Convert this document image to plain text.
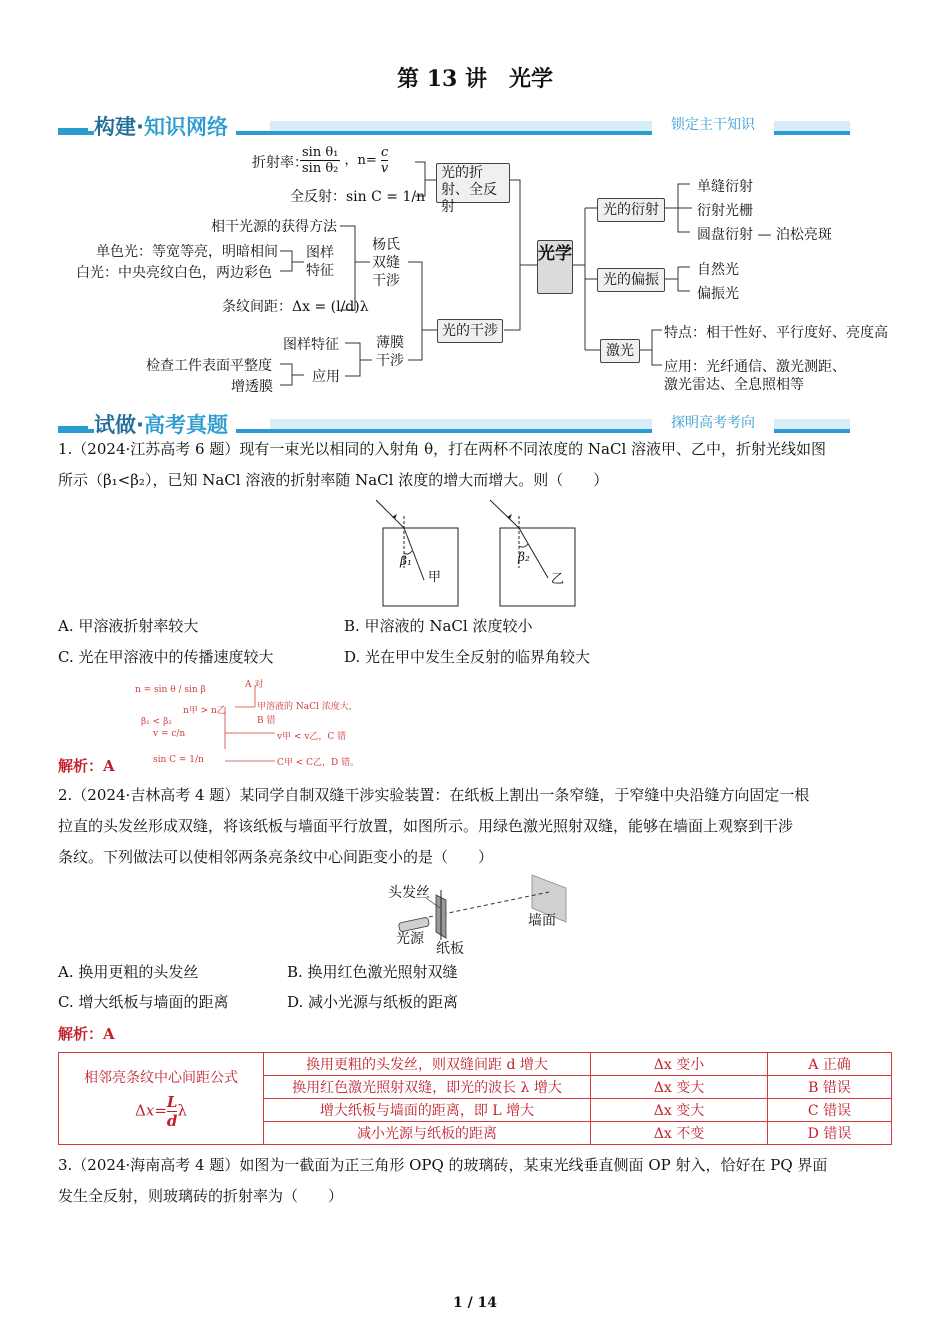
第 13 讲　光学
构建·知识网络	锁定主干知识
折射率：
$\frac{\text{sin θ₁}}{\text{sin θ₂}}$ ，$n= \frac{c}{v}$
全反射：sin C = 1/n
光的折射、全反射
相干光源的获得方法
单色光：等宽等亮，明暗相间
白光：中央亮纹白色，两边彩色
图样特征
条纹间距：Δx = (l/d)λ
杨氏双缝干涉
图样特征
检查工件表面平整度
增透膜
应用
薄膜干涉
光的干涉
光学
光的衍射
单缝衍射
衍射光栅
圆盘衍射 — 泊松亮斑
光的偏振
自然光
偏振光
激光
特点：相干性好、平行度好、亮度高
应用：光纤通信、激光测距、
激光雷达、全息照相等
试做·高考真题	探明高考考向
1.（2024·江苏高考 6 题）现有一束光以相同的入射角 θ，打在两杯不同浓度的 NaCl 溶液甲、乙中，折射光线如图
所示（β₁<β₂），已知 NaCl 溶液的折射率随 NaCl 浓度的增大而增大。则（　　）
β₁
甲
β₂
乙
A. 甲溶液折射率较大	B. 甲溶液的 NaCl 浓度较小
C. 光在甲溶液中的传播速度较大	D. 光在甲中发生全反射的临界角较大
n = sin θ / sin β
β₁ < β₂
n甲 > n乙
A 对
甲溶液的 NaCl 浓度大，
B 错
v = c/n	v甲 < v乙，C 错
sin C = 1/n	C甲 < C乙，D 错。
解析：A
2.（2024·吉林高考 4 题）某同学自制双缝干涉实验装置：在纸板上割出一条窄缝，于窄缝中央沿缝方向固定一根
拉直的头发丝形成双缝，将该纸板与墙面平行放置，如图所示。用绿色激光照射双缝，能够在墙面上观察到干涉
条纹。下列做法可以使相邻两条亮条纹中心间距变小的是（　　）
头发丝
墙面
光源
纸板
A. 换用更粗的头发丝	B. 换用红色激光照射双缝
C. 增大纸板与墙面的距离	D. 减小光源与纸板的距离
解析：A
相邻亮条纹中心间距公式
$\Delta x= \frac{L}{d}$ λ	换用更粗的头发丝，则双缝间距 d 增大	Δx 变小	A 正确
	换用红色激光照射双缝，即光的波长 λ 增大	Δx 变大	B 错误
	增大纸板与墙面的距离，即 L 增大	Δx 变大	C 错误
	减小光源与纸板的距离	Δx 不变	D 错误
3.（2024·海南高考 4 题）如图为一截面为正三角形 OPQ 的玻璃砖，某束光线垂直侧面 OP 射入，恰好在 PQ 界面
发生全反射，则玻璃砖的折射率为（　　）
1 / 14
